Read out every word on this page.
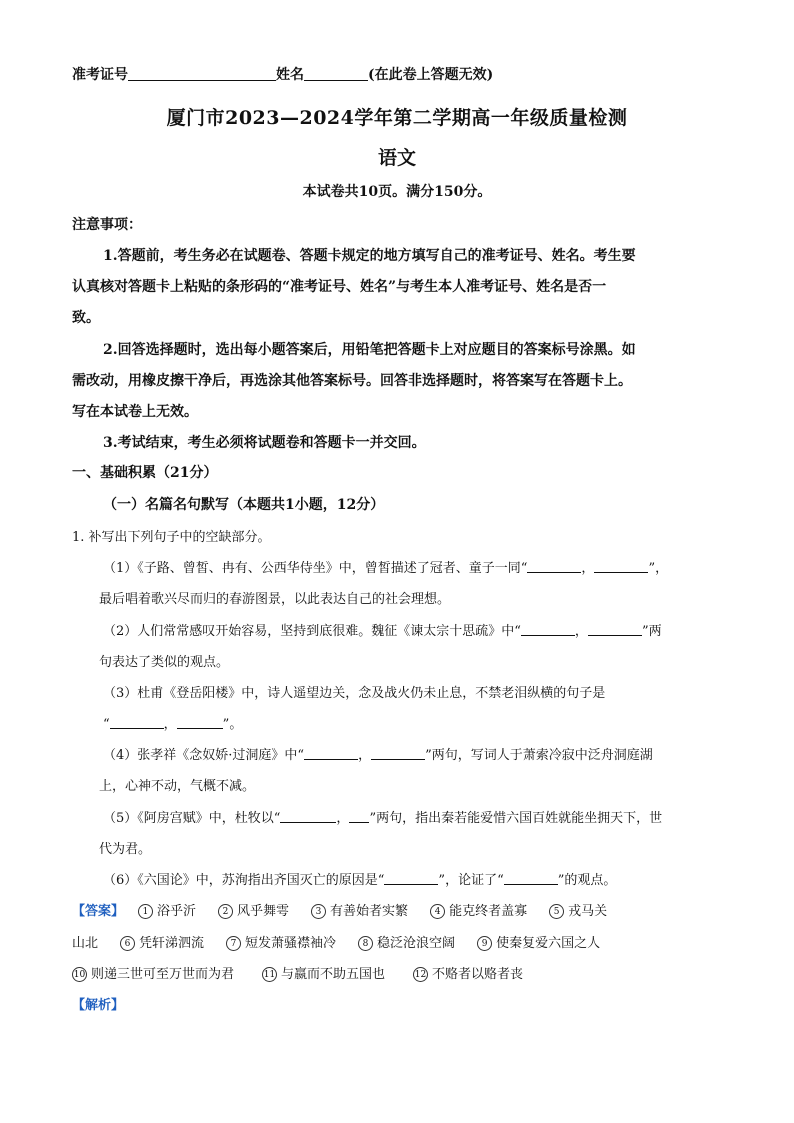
准考证号	姓名	(在此卷上答题无效)
厦门市2023—2024学年第二学期高一年级质量检测
语文
本试卷共10页。满分150分。
注意事项：
1.答题前，考生务必在试题卷、答题卡规定的地方填写自己的准考证号、姓名。考生要
认真核对答题卡上粘贴的条形码的“准考证号、姓名”与考生本人准考证号、姓名是否一
致。
2.回答选择题时，选出每小题答案后，用铅笔把答题卡上对应题目的答案标号涂黑。如
需改动，用橡皮擦干净后，再选涂其他答案标号。回答非选择题时，将答案写在答题卡上。
写在本试卷上无效。
3.考试结束，考生必须将试题卷和答题卡一并交回。
一、基础积累（21分）
（一）名篇名句默写（本题共1小题，12分）
1. 补写出下列句子中的空缺部分。
（1）《子路、曾皙、冉有、公西华侍坐》中，曾皙描述了冠者、童子一同“	，	”，
最后唱着歌兴尽而归的春游图景，以此表达自己的社会理想。
（2）人们常常感叹开始容易，坚持到底很难。魏征《谏太宗十思疏》中“	，	”两
句表达了类似的观点。
（3）杜甫《登岳阳楼》中，诗人遥望边关，念及战火仍未止息，不禁老泪纵横的句子是
“	，	”。
（4）张孝祥《念奴娇·过洞庭》中“	，	”两句，写词人于萧索冷寂中泛舟洞庭湖
上，心神不动，气概不减。
（5）《阿房宫赋》中，杜牧以“	， ”两句，指出秦若能爱惜六国百姓就能坐拥天下，世
代为君。
（6）《六国论》中，苏洵指出齐国灭亡的原因是“	”，论证了“	”的观点。
【答案】 1 浴乎沂	2 风乎舞雩	3 有善始者实繁	4 能克终者盖寡	5 戎马关
山北	6 凭轩涕泗流	7 短发萧骚襟袖冷	8 稳泛沧浪空阔	9 使秦复爱六国之人
10 则递三世可至万世而为君	11 与嬴而不助五国也	12 不赂者以赂者丧
【解析】
